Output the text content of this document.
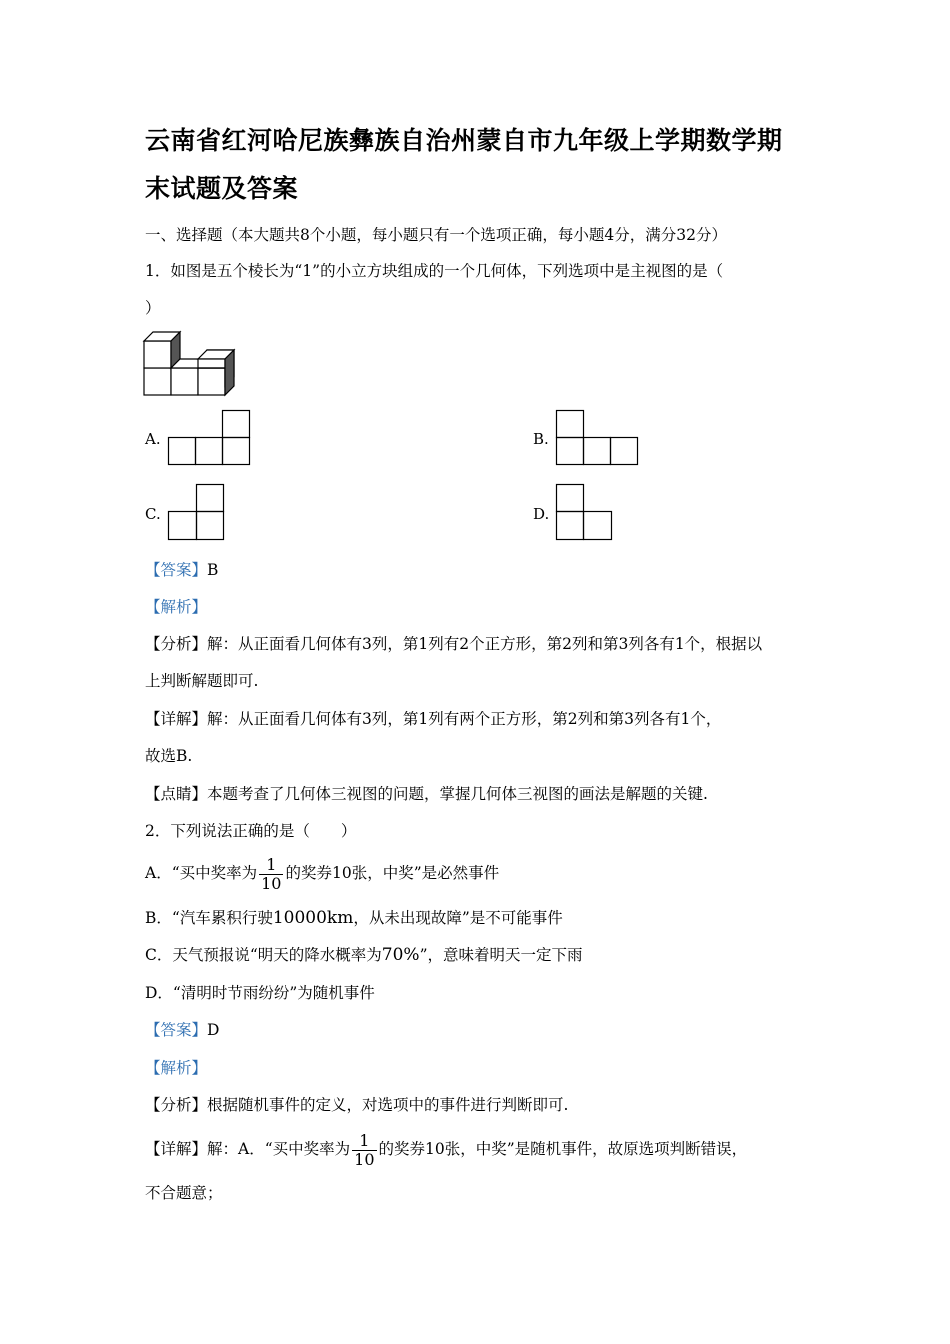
云南省红河哈尼族彝族自治州蒙自市九年级上学期数学期
末试题及答案
一、选择题（本大题共8个小题，每小题只有一个选项正确，每小题4分，满分32分）
1．如图是五个棱长为“1”的小立方块组成的一个几何体，下列选项中是主视图的是（
）
A.	B.
C.	D.
【答案】B
【解析】
【分析】解：从正面看几何体有3列，第1列有2个正方形，第2列和第3列各有1个，根据以
上判断解题即可.
【详解】解：从正面看几何体有3列，第1列有两个正方形，第2列和第3列各有1个，
故选B.
【点睛】本题考查了几何体三视图的问题，掌握几何体三视图的画法是解题的关键.
2．下列说法正确的是（　　）
A．“买中奖率为 $\frac{1}{10}$ 的奖券10张，中奖”是必然事件
B．“汽车累积行驶10000km，从未出现故障”是不可能事件
C．天气预报说“明天的降水概率为70%”，意味着明天一定下雨
D．“清明时节雨纷纷”为随机事件
【答案】D
【解析】
【分析】根据随机事件的定义，对选项中的事件进行判断即可.
【详解】解：A．“买中奖率为 $\frac{1}{10}$ 的奖券10张，中奖”是随机事件，故原选项判断错误，
不合题意；
